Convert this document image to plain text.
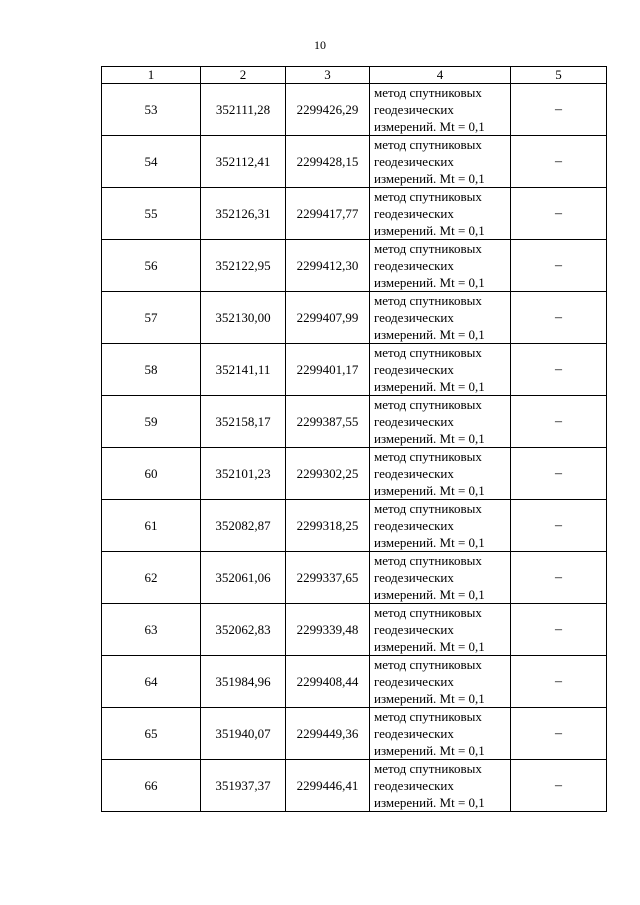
10
1	2	3	4	5
53	352111,28	2299426,29	метод спутниковых
геодезических
измерений. Mt = 0,1	–
54	352112,41	2299428,15	метод спутниковых
геодезических
измерений. Mt = 0,1	–
55	352126,31	2299417,77	метод спутниковых
геодезических
измерений. Mt = 0,1	–
56	352122,95	2299412,30	метод спутниковых
геодезических
измерений. Mt = 0,1	–
57	352130,00	2299407,99	метод спутниковых
геодезических
измерений. Mt = 0,1	–
58	352141,11	2299401,17	метод спутниковых
геодезических
измерений. Mt = 0,1	–
59	352158,17	2299387,55	метод спутниковых
геодезических
измерений. Mt = 0,1	–
60	352101,23	2299302,25	метод спутниковых
геодезических
измерений. Mt = 0,1	–
61	352082,87	2299318,25	метод спутниковых
геодезических
измерений. Mt = 0,1	–
62	352061,06	2299337,65	метод спутниковых
геодезических
измерений. Mt = 0,1	–
63	352062,83	2299339,48	метод спутниковых
геодезических
измерений. Mt = 0,1	–
64	351984,96	2299408,44	метод спутниковых
геодезических
измерений. Mt = 0,1	–
65	351940,07	2299449,36	метод спутниковых
геодезических
измерений. Mt = 0,1	–
66	351937,37	2299446,41	метод спутниковых
геодезических
измерений. Mt = 0,1	–
